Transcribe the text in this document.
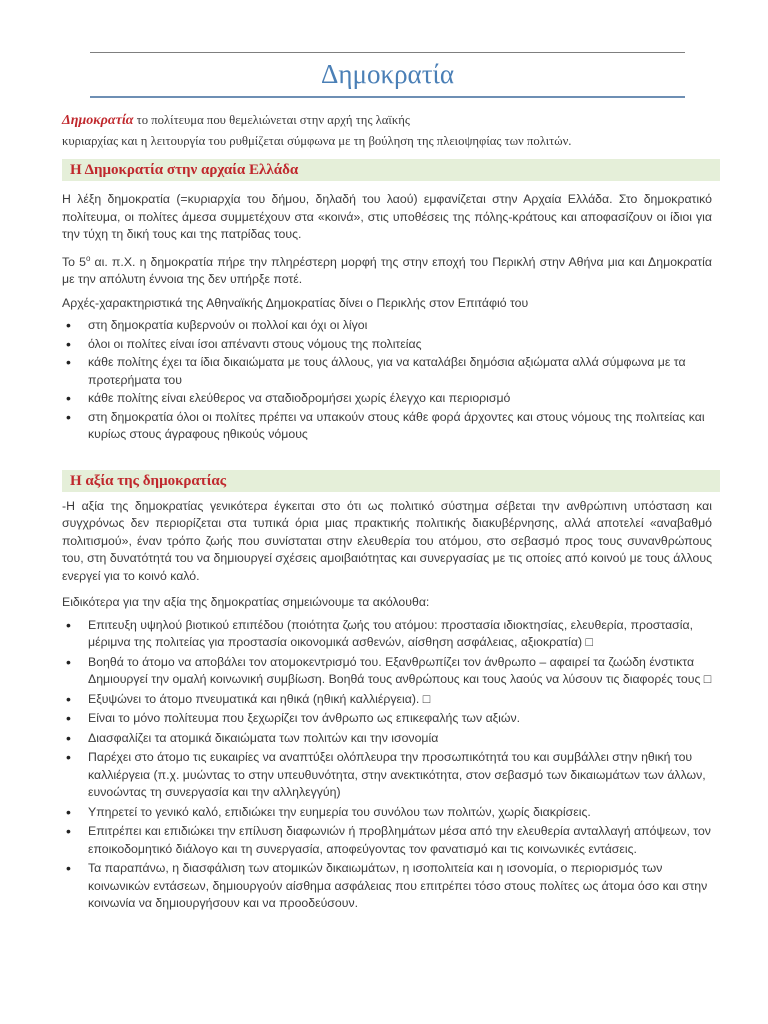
Δημοκρατία
Δημοκρατία το πολίτευμα που θεμελιώνεται στην αρχή της λαϊκής
κυριαρχίας και η λειτουργία του ρυθμίζεται σύμφωνα με τη βούληση της πλειοψηφίας των πολιτών.
Η Δημοκρατία στην αρχαία Ελλάδα
Η λέξη δημοκρατία (=κυριαρχία του δήμου, δηλαδή του λαού) εμφανίζεται στην Αρχαία Ελλάδα. Στο δημοκρατικό πολίτευμα, οι πολίτες άμεσα συμμετέχουν στα «κοινά», στις υποθέσεις της πόλης-κράτους και αποφασίζουν οι ίδιοι για την τύχη τη δική τους και της πατρίδας τους.
Το $5^o$ αι. π.Χ. η δημοκρατία πήρε την πληρέστερη μορφή της στην εποχή του Περικλή στην Αθήνα μια και Δημοκρατία με την απόλυτη έννοια της δεν υπήρξε ποτέ.
Αρχές-χαρακτηριστικά της Αθηναϊκής Δημοκρατίας δίνει ο Περικλής στον Επιτάφιό του
• στη δημοκρατία κυβερνούν οι πολλοί και όχι οι λίγοι
• όλοι οι πολίτες είναι ίσοι απέναντι στους νόμους της πολιτείας
• κάθε πολίτης έχει τα ίδια δικαιώματα με τους άλλους, για να καταλάβει δημόσια αξιώματα αλλά σύμφωνα με τα προτερήματα του
• κάθε πολίτης είναι ελεύθερος να σταδιοδρομήσει χωρίς έλεγχο και περιορισμό
• στη δημοκρατία όλοι οι πολίτες πρέπει να υπακούν στους κάθε φορά άρχοντες και στους νόμους της πολιτείας και κυρίως στους άγραφους ηθικούς νόμους
Η αξία της δημοκρατίας
-Η αξία της δημοκρατίας γενικότερα έγκειται στο ότι ως πολιτικό σύστημα σέβεται την ανθρώπινη υπόσταση και συγχρόνως δεν περιορίζεται στα τυπικά όρια μιας πρακτικής πολιτικής διακυβέρνησης, αλλά αποτελεί «αναβαθμό πολιτισμού», έναν τρόπο ζωής που συνίσταται στην ελευθερία του ατόμου, στο σεβασμό προς τους συνανθρώπους του, στη δυνατότητά του να δημιουργεί σχέσεις αμοιβαιότητας και συνεργασίας με τις οποίες από κοινού με τους άλλους ενεργεί για το κοινό καλό.
Ειδικότερα για την αξία της δημοκρατίας σημειώνουμε τα ακόλουθα:
• Επιτευξη υψηλού βιοτικού επιπέδου (ποιότητα ζωής του ατόμου: προστασία ιδιοκτησίας, ελευθερία, προστασία, μέριμνα της πολιτείας για προστασία οικονομικά ασθενών, αίσθηση ασφάλειας, αξιοκρατία) □
• Βοηθά το άτομο να αποβάλει τον ατομοκεντρισμό του. Εξανθρωπίζει τον άνθρωπο – αφαιρεί τα ζωώδη ένστικτα Δημιουργεί την ομαλή κοινωνική συμβίωση. Βοηθά τους ανθρώπους και τους λαούς να λύσουν τις διαφορές τους □
• Εξυψώνει το άτομο πνευματικά και ηθικά (ηθική καλλιέργεια). □
• Είναι το μόνο πολίτευμα που ξεχωρίζει τον άνθρωπο ως επικεφαλής των αξιών.
• Διασφαλίζει τα ατομικά δικαιώματα των πολιτών και την ισονομία
• Παρέχει στο άτομο τις ευκαιρίες να αναπτύξει ολόπλευρα την προσωπικότητά του και συμβάλλει στην ηθική του καλλιέργεια (π.χ. μυώντας το στην υπευθυνότητα, στην ανεκτικότητα, στον σεβασμό των δικαιωμάτων των άλλων, ευνοώντας τη συνεργασία και την αλληλεγγύη)
• Υπηρετεί το γενικό καλό, επιδιώκει την ευημερία του συνόλου των πολιτών, χωρίς διακρίσεις.
• Επιτρέπει και επιδιώκει την επίλυση διαφωνιών ή προβλημάτων μέσα από την ελευθερία ανταλλαγή απόψεων, τον εποικοδομητικό διάλογο και τη συνεργασία, αποφεύγοντας τον φανατισμό και τις κοινωνικές εντάσεις.
• Τα παραπάνω, η διασφάλιση των ατομικών δικαιωμάτων, η ισοπολιτεία και η ισονομία, ο περιορισμός των κοινωνικών εντάσεων, δημιουργούν αίσθημα ασφάλειας που επιτρέπει τόσο στους πολίτες ως άτομα όσο και στην κοινωνία να δημιουργήσουν και να προοδεύσουν.
